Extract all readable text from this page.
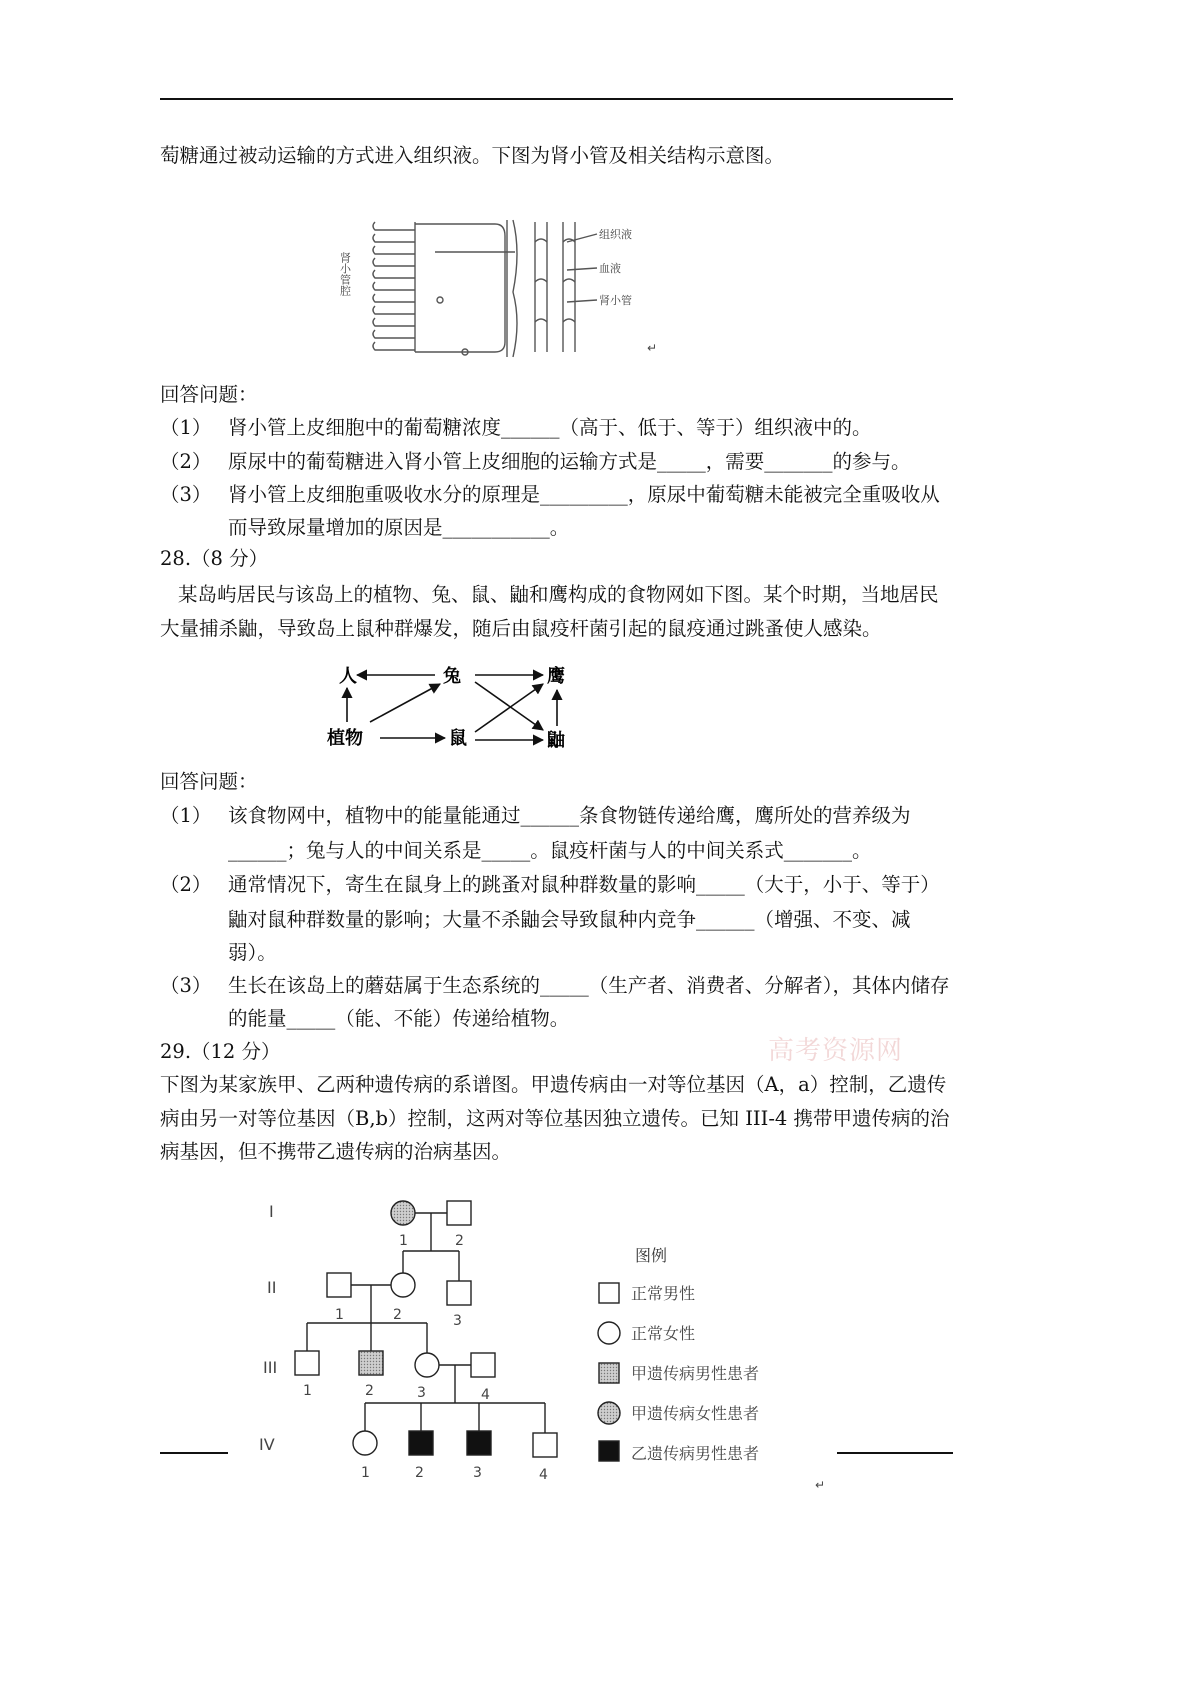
萄糖通过被动运输的方式进入组织液。下图为肾小管及相关结构示意图。
肾小管腔
组织液
血液
肾小管
↵
回答问题：
（1） 肾小管上皮细胞中的葡萄糖浓度______（高于、低于、等于）组织液中的。
（2） 原尿中的葡萄糖进入肾小管上皮细胞的运输方式是_____，需要_______的参与。
（3） 肾小管上皮细胞重吸收水分的原理是_________，原尿中葡萄糖未能被完全重吸收从
而导致尿量增加的原因是___________。
28.（8 分）
某岛屿居民与该岛上的植物、兔、鼠、鼬和鹰构成的食物网如下图。某个时期，当地居民
大量捕杀鼬，导致岛上鼠种群爆发，随后由鼠疫杆菌引起的鼠疫通过跳蚤使人感染。
人	兔	鹰
植物	鼠	鼬
回答问题：
（1） 该食物网中，植物中的能量能通过______条食物链传递给鹰，鹰所处的营养级为
______；兔与人的中间关系是_____。鼠疫杆菌与人的中间关系式_______。
（2） 通常情况下，寄生在鼠身上的跳蚤对鼠种群数量的影响_____（大于，小于、等于）
鼬对鼠种群数量的影响；大量不杀鼬会导致鼠种内竞争______（增强、不变、减
弱）。
（3） 生长在该岛上的蘑菇属于生态系统的_____（生产者、消费者、分解者），其体内储存
的能量_____（能、不能）传递给植物。
29.（12 分）	高考资源网
下图为某家族甲、乙两种遗传病的系谱图。甲遗传病由一对等位基因（A，a）控制，乙遗传
病由另一对等位基因（B,b）控制，这两对等位基因独立遗传。已知 III-4 携带甲遗传病的治
病基因，但不携带乙遗传病的治病基因。
I
II
III
IV
1	2
1	2	3
1	2	3	4
1	2	3	4
图例
正常男性
正常女性
甲遗传病男性患者
甲遗传病女性患者
乙遗传病男性患者
↵
